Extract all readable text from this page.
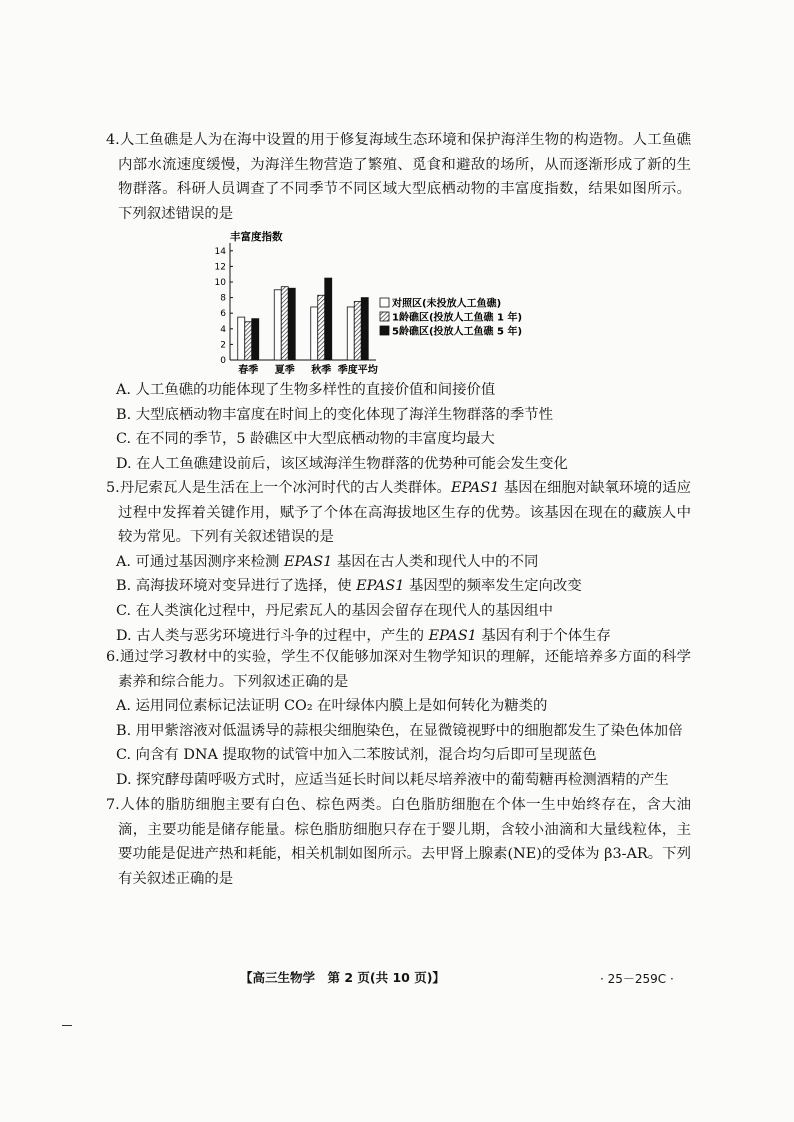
4.人工鱼礁是人为在海中设置的用于修复海域生态环境和保护海洋生物的构造物。人工鱼礁内部水流速度缓慢，为海洋生物营造了繁殖、觅食和避敌的场所，从而逐渐形成了新的生物群落。科研人员调查了不同季节不同区域大型底栖动物的丰富度指数，结果如图所示。下列叙述错误的是

丰富度指数
0
2
4
6
8
10
12
14
春季 夏季 秋季 季度平均
对照区(未投放人工鱼礁)
1龄礁区(投放人工鱼礁 1 年)
5龄礁区(投放人工鱼礁 5 年)

A. 人工鱼礁的功能体现了生物多样性的直接价值和间接价值

B. 大型底栖动物丰富度在时间上的变化体现了海洋生物群落的季节性

C. 在不同的季节，5 龄礁区中大型底栖动物的丰富度均最大

D. 在人工鱼礁建设前后，该区域海洋生物群落的优势种可能会发生变化

5.丹尼索瓦人是生活在上一个冰河时代的古人类群体。EPAS1 基因在细胞对缺氧环境的适应过程中发挥着关键作用，赋予了个体在高海拔地区生存的优势。该基因在现在的藏族人中较为常见。下列有关叙述错误的是

A. 可通过基因测序来检测 EPAS1 基因在古人类和现代人中的不同

B. 高海拔环境对变异进行了选择，使 EPAS1 基因型的频率发生定向改变

C. 在人类演化过程中，丹尼索瓦人的基因会留存在现代人的基因组中

D. 古人类与恶劣环境进行斗争的过程中，产生的 EPAS1 基因有利于个体生存

6.通过学习教材中的实验，学生不仅能够加深对生物学知识的理解，还能培养多方面的科学素养和综合能力。下列叙述正确的是

A. 运用同位素标记法证明 CO₂ 在叶绿体内膜上是如何转化为糖类的

B. 用甲紫溶液对低温诱导的蒜根尖细胞染色，在显微镜视野中的细胞都发生了染色体加倍

C. 向含有 DNA 提取物的试管中加入二苯胺试剂，混合均匀后即可呈现蓝色

D. 探究酵母菌呼吸方式时，应适当延长时间以耗尽培养液中的葡萄糖再检测酒精的产生

7.人体的脂肪细胞主要有白色、棕色两类。白色脂肪细胞在个体一生中始终存在，含大油滴，主要功能是储存能量。棕色脂肪细胞只存在于婴儿期，含较小油滴和大量线粒体，主要功能是促进产热和耗能，相关机制如图所示。去甲肾上腺素(NE)的受体为 β3-AR。下列有关叙述正确的是

【高三生物学　第 2 页(共 10 页)】	· 25－259C ·
